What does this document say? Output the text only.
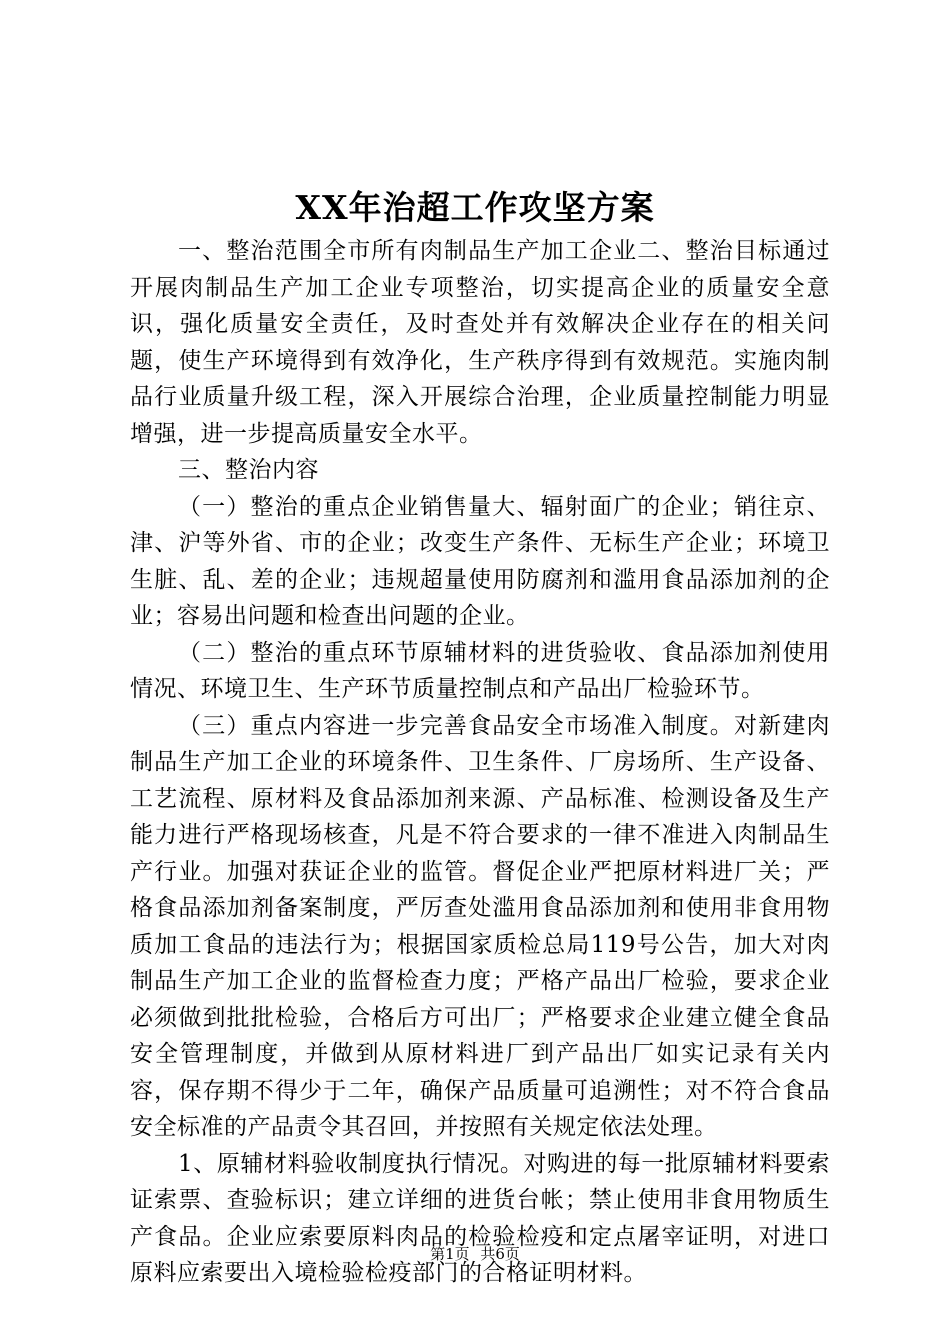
XX年治超工作攻坚方案

一、整治范围全市所有肉制品生产加工企业二、整治目标通过开展肉制品生产加工企业专项整治，切实提高企业的质量安全意识，强化质量安全责任，及时查处并有效解决企业存在的相关问题，使生产环境得到有效净化，生产秩序得到有效规范。实施肉制品行业质量升级工程，深入开展综合治理，企业质量控制能力明显增强，进一步提高质量安全水平。

三、整治内容

（一）整治的重点企业销售量大、辐射面广的企业；销往京、津、沪等外省、市的企业；改变生产条件、无标生产企业；环境卫生脏、乱、差的企业；违规超量使用防腐剂和滥用食品添加剂的企业；容易出问题和检查出问题的企业。

（二）整治的重点环节原辅材料的进货验收、食品添加剂使用情况、环境卫生、生产环节质量控制点和产品出厂检验环节。

（三）重点内容进一步完善食品安全市场准入制度。对新建肉制品生产加工企业的环境条件、卫生条件、厂房场所、生产设备、工艺流程、原材料及食品添加剂来源、产品标准、检测设备及生产能力进行严格现场核查，凡是不符合要求的一律不准进入肉制品生产行业。加强对获证企业的监管。督促企业严把原材料进厂关；严格食品添加剂备案制度，严厉查处滥用食品添加剂和使用非食用物质加工食品的违法行为；根据国家质检总局119号公告，加大对肉制品生产加工企业的监督检查力度；严格产品出厂检验，要求企业必须做到批批检验，合格后方可出厂；严格要求企业建立健全食品安全管理制度，并做到从原材料进厂到产品出厂如实记录有关内容，保存期不得少于二年，确保产品质量可追溯性；对不符合食品安全标准的产品责令其召回，并按照有关规定依法处理。

1、原辅材料验收制度执行情况。对购进的每一批原辅材料要索证索票、查验标识；建立详细的进货台帐；禁止使用非食用物质生产食品。企业应索要原料肉品的检验检疫和定点屠宰证明，对进口原料应索要出入境检验检疫部门的合格证明材料。

第1页 共6页
